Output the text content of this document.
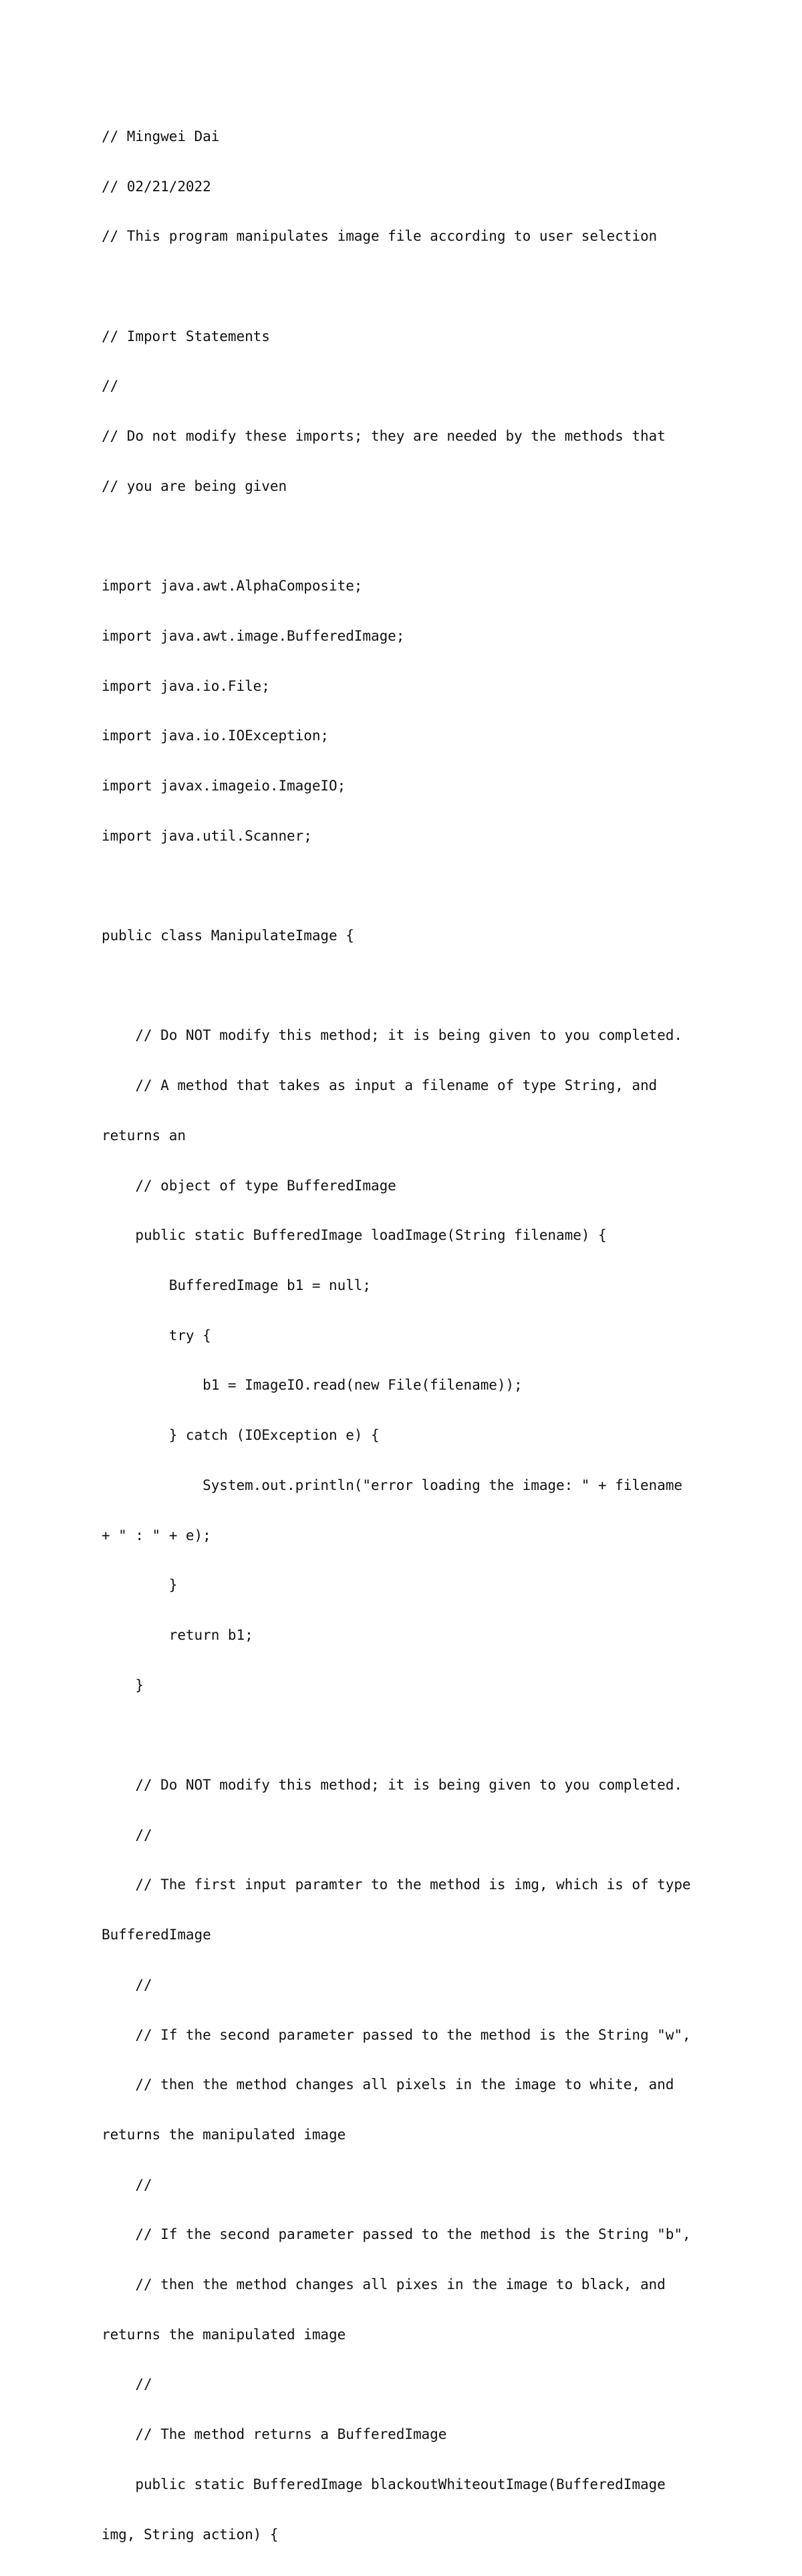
// Mingwei Dai

// 02/21/2022

// This program manipulates image file according to user selection

// Import Statements

//

// Do not modify these imports; they are needed by the methods that

// you are being given

import java.awt.AlphaComposite;

import java.awt.image.BufferedImage;

import java.io.File;

import java.io.IOException;

import javax.imageio.ImageIO;

import java.util.Scanner;

public class ManipulateImage {

// Do NOT modify this method; it is being given to you completed.

// A method that takes as input a filename of type String, and

returns an

// object of type BufferedImage

public static BufferedImage loadImage(String filename) {

BufferedImage b1 = null;

try {

b1 = ImageIO.read(new File(filename));

} catch (IOException e) {

System.out.println("error loading the image: " + filename

+ " : " + e);

}

return b1;

}

// Do NOT modify this method; it is being given to you completed.

//

// The first input paramter to the method is img, which is of type

BufferedImage

//

// If the second parameter passed to the method is the String "w",

// then the method changes all pixels in the image to white, and

returns the manipulated image

//

// If the second parameter passed to the method is the String "b",

// then the method changes all pixes in the image to black, and

returns the manipulated image

//

// The method returns a BufferedImage

public static BufferedImage blackoutWhiteoutImage(BufferedImage

img, String action) {
